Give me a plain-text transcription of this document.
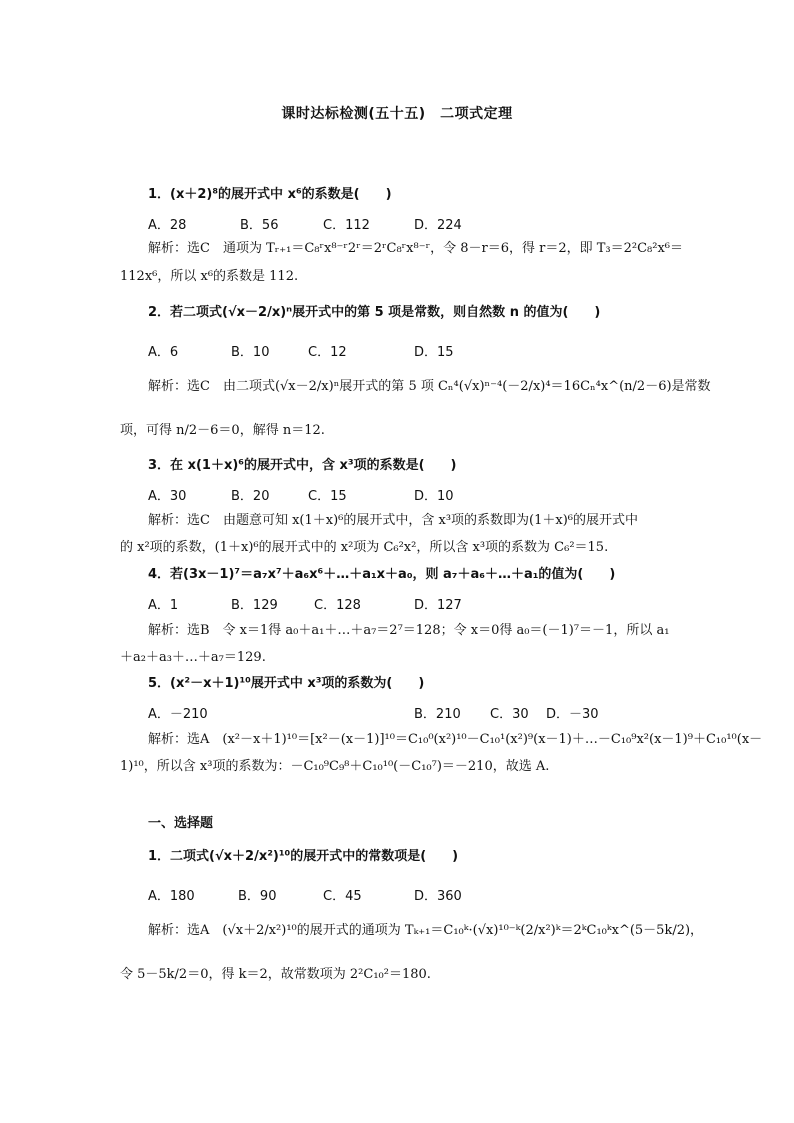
课时达标检测(五十五)　二项式定理
1．(x＋2)⁸的展开式中 x⁶的系数是(　　)
A．28	B．56	C．112	D．224
解析：选C　通项为 Tᵣ₊₁＝C₈ʳx⁸⁻ʳ2ʳ＝2ʳC₈ʳx⁸⁻ʳ，令 8－r＝6，得 r＝2，即 T₃＝2²C₈²x⁶＝
112x⁶，所以 x⁶的系数是 112.
2．若二项式(√x－2/x)ⁿ展开式中的第 5 项是常数，则自然数 n 的值为(　　)
A．6	B．10	C．12	D．15
解析：选C　由二项式(√x－2/x)ⁿ展开式的第 5 项 Cₙ⁴(√x)ⁿ⁻⁴(－2/x)⁴＝16Cₙ⁴x^(n/2－6)是常数
项，可得 n/2－6＝0，解得 n＝12.
3．在 x(1＋x)⁶的展开式中，含 x³项的系数是(　　)
A．30	B．20	C．15	D．10
解析：选C　由题意可知 x(1＋x)⁶的展开式中，含 x³项的系数即为(1＋x)⁶的展开式中
的 x²项的系数，(1＋x)⁶的展开式中的 x²项为 C₆²x²，所以含 x³项的系数为 C₆²＝15.
4．若(3x－1)⁷＝a₇x⁷＋a₆x⁶＋…＋a₁x＋a₀，则 a₇＋a₆＋…＋a₁的值为(　　)
A．1	B．129	C．128	D．127
解析：选B　令 x＝1得 a₀＋a₁＋…＋a₇＝2⁷＝128；令 x＝0得 a₀＝(－1)⁷＝－1，所以 a₁
＋a₂＋a₃＋…＋a₇＝129.
5．(x²－x＋1)¹⁰展开式中 x³项的系数为(　　)
A．－210	B．210 C．30 D．－30
解析：选A　(x²－x＋1)¹⁰＝[x²－(x－1)]¹⁰＝C₁₀⁰(x²)¹⁰－C₁₀¹(x²)⁹(x－1)＋…－C₁₀⁹x²(x－1)⁹＋C₁₀¹⁰(x－
1)¹⁰，所以含 x³项的系数为：－C₁₀⁹C₉⁸＋C₁₀¹⁰(－C₁₀⁷)＝－210，故选 A.
一、选择题
1．二项式(√x＋2/x²)¹⁰的展开式中的常数项是(　　)
A．180	B．90	C．45	D．360
解析：选A　(√x＋2/x²)¹⁰的展开式的通项为 Tₖ₊₁＝C₁₀ᵏ·(√x)¹⁰⁻ᵏ(2/x²)ᵏ＝2ᵏC₁₀ᵏx^(5－5k/2)，
令 5－5k/2＝0，得 k＝2，故常数项为 2²C₁₀²＝180.
